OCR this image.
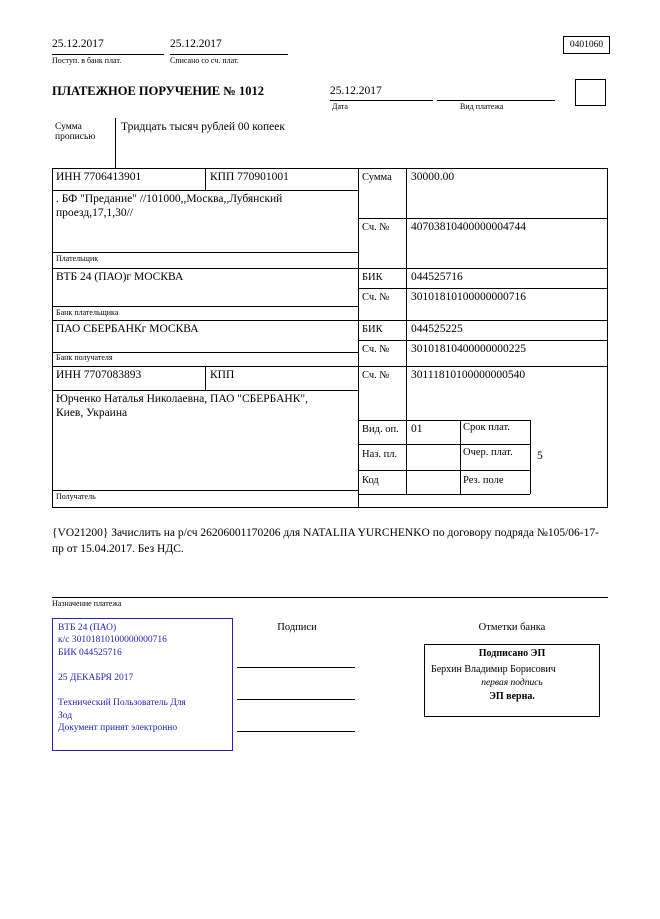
25.12.2017
Поступ. в банк плат.
25.12.2017
Списано со сч. плат.
0401060
ПЛАТЕЖНОЕ ПОРУЧЕНИЕ № 1012	25.12.2017
Дата	Вид платежа
Сумма прописью
Тридцать тысяч рублей 00 копеек
ИНН 7706413901	КПП 770901001
. БФ "Предание" //101000,,Москва,,Лубянский проезд,17,1,30//
Плательщик
ВТБ 24 (ПАО)г МОСКВА
Банк плательщика
ПАО СБЕРБАНКг МОСКВА
Банк получателя
ИНН 7707083893	КПП
Юрченко Наталья Николаевна, ПАО "СБЕРБАНК", Киев, Украина
Получатель
Сумма 30000.00
Сч. № 40703810400000004744
БИК 044525716
Сч. № 30101810100000000716
БИК 044525225
Сч. № 30101810400000000225
Сч. № 30111810100000000540
Вид. оп. 01	Срок плат.
Наз. пл.	Очер. плат. 5
Код	Рез. поле
{VO21200} Зачислить на р/сч 26206001170206 для NATALIIA YURCHENKO по договору подряда №105/06-17-пр от 15.04.2017. Без НДС.
Назначение платежа
Подписи	Отметки банка

ВТБ 24 (ПАО)

к/с 30101810100000000716

БИК 044525716

25 ДЕКАБРЯ 2017

Технический Пользователь Для Зод

Документ принят электронно

Подписано ЭП
Берхин Владимир Борисович
первая подпись
ЭП верна.
